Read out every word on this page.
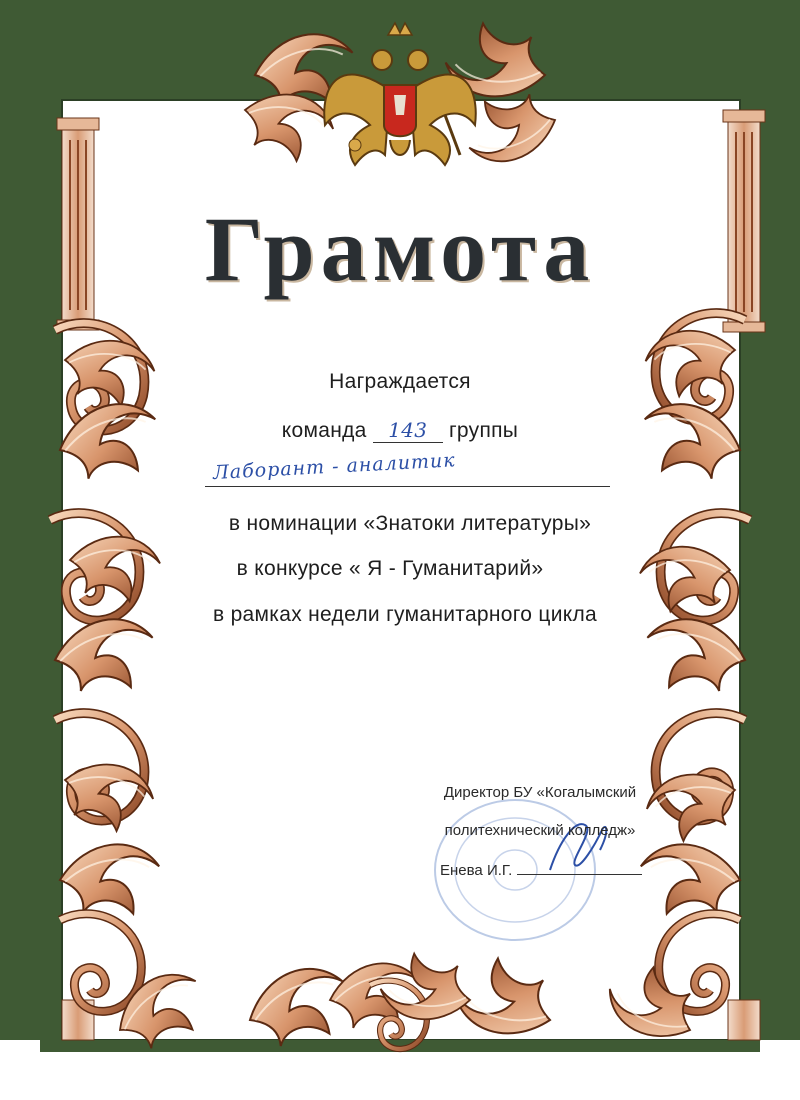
Грамота
Награждается
команда 143 группы
Лаборант - аналитик
в номинации «Знатоки литературы»
в конкурсе « Я - Гуманитарий»
в рамках недели гуманитарного цикла
Директор БУ «Когалымский
политехнический колледж»
Енева И.Г.
